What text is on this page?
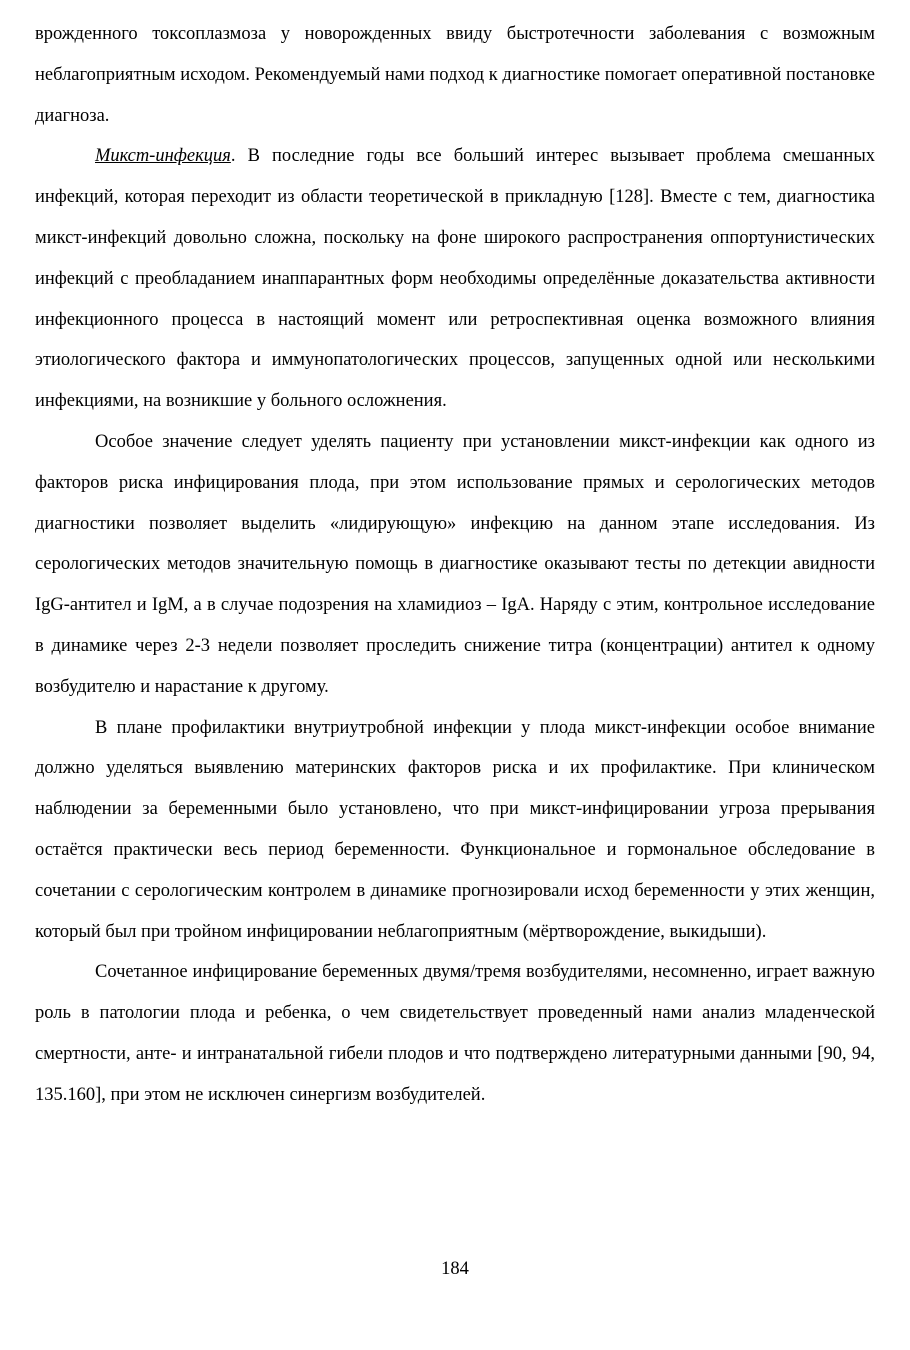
врожденного токсоплазмоза у новорожденных ввиду быстротечности заболевания с возможным неблагоприятным исходом. Рекомендуемый нами подход к диагностике помогает оперативной постановке диагноза.

Микст-инфекция. В последние годы все больший интерес вызывает проблема смешанных инфекций, которая переходит из области теоретической в прикладную [128]. Вместе с тем, диагностика микст-инфекций довольно сложна, поскольку на фоне широкого распространения оппортунистических инфекций с преобладанием инаппарантных форм необходимы определённые доказательства активности инфекционного процесса в настоящий момент или ретроспективная оценка возможного влияния этиологического фактора и иммунопатологических процессов, запущенных одной или несколькими инфекциями, на возникшие у больного осложнения.

Особое значение следует уделять пациенту при установлении микст-инфекции как одного из факторов риска инфицирования плода, при этом использование прямых и серологических методов диагностики позволяет выделить «лидирующую» инфекцию на данном этапе исследования. Из серологических методов значительную помощь в диагностике оказывают тесты по детекции авидности IgG-антител и IgM, а в случае подозрения на хламидиоз – IgA. Наряду с этим, контрольное исследование в динамике через 2-3 недели позволяет проследить снижение титра (концентрации) антител к одному возбудителю и нарастание к другому.

В плане профилактики внутриутробной инфекции у плода микст-инфекции особое внимание должно уделяться выявлению материнских факторов риска и их профилактике. При клиническом наблюдении за беременными было установлено, что при микст-инфицировании угроза прерывания остаётся практически весь период беременности. Функциональное и гормональное обследование в сочетании с серологическим контролем в динамике прогнозировали исход беременности у этих женщин, который был при тройном инфицировании неблагоприятным (мёртворождение, выкидыши).

Сочетанное инфицирование беременных двумя/тремя возбудителями, несомненно, играет важную роль в патологии плода и ребенка, о чем свидетельствует проведенный нами анализ младенческой смертности, анте- и интранатальной гибели плодов и что подтверждено литературными данными [90, 94, 135.160], при этом не исключен синергизм возбудителей.

184
